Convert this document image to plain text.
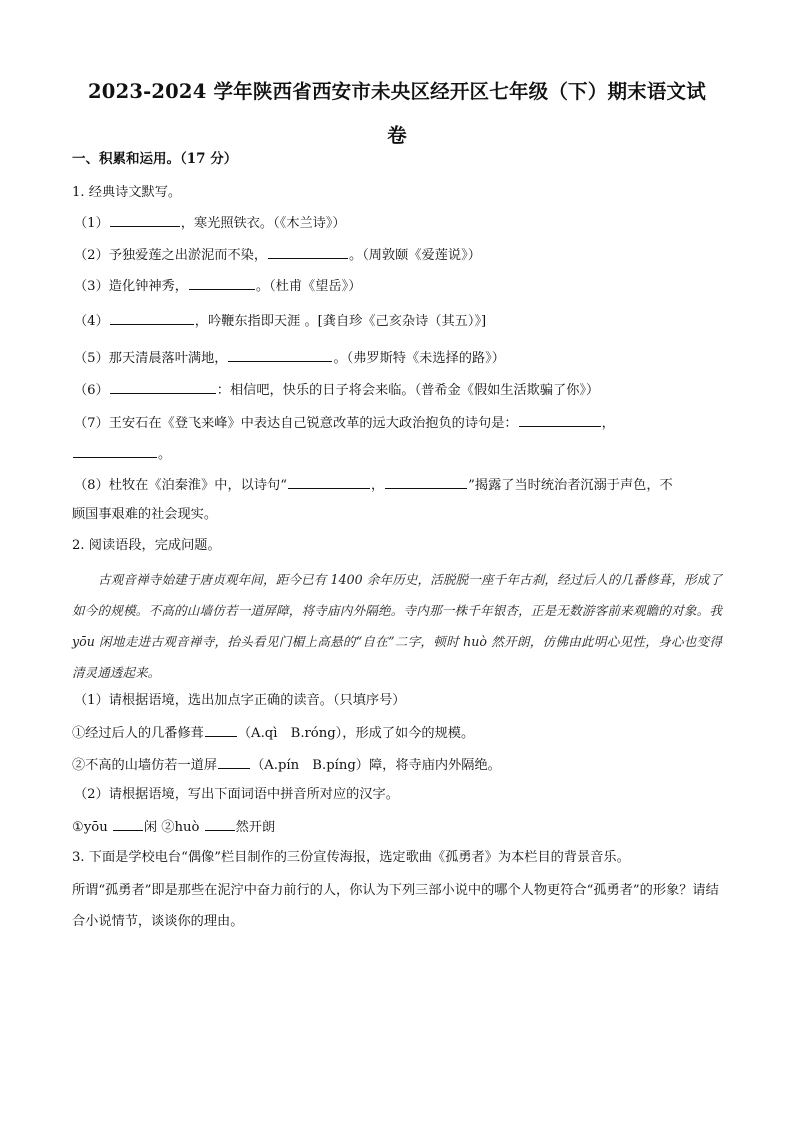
2023-2024 学年陕西省西安市未央区经开区七年级（下）期末语文试
卷
一、积累和运用。（17 分）
1. 经典诗文默写。
（1）	，寒光照铁衣。（《木兰诗》）
（2）予独爱莲之出淤泥而不染，	。（周敦颐《爱莲说》）
（3）造化钟神秀，	。（杜甫《望岳》）
（4）	，吟鞭东指即天涯 。[龚自珍《己亥杂诗（其五）》]
（5）那天清晨落叶满地，	。（弗罗斯特《未选择的路》）
（6）	：相信吧，快乐的日子将会来临。（普希金《假如生活欺骗了你》）
（7）王安石在《登飞来峰》中表达自己锐意改革的远大政治抱负的诗句是：	，
。
（8）杜牧在《泊秦淮》中，以诗句“	，	”揭露了当时统治者沉溺于声色，不
顾国事艰难的社会现实。
2. 阅读语段，完成问题。
古观音禅寺始建于唐贞观年间，距今已有 1400 余年历史，活脱脱一座千年古刹，经过后人的几番修葺，形成了如今的规模。不高的山墙仿若一道屏障，将寺庙内外隔绝。寺内那一株千年银杏，正是无数游客前来观瞻的对象。我 yōu 闲地走进古观音禅寺，抬头看见门楣上高悬的“自在”二字，顿时 huò 然开朗，仿佛由此明心见性，身心也变得清灵通透起来。
（1）请根据语境，选出加点字正确的读音。（只填序号）
①经过后人的几番修葺	（A.qì　B.róng），形成了如今的规模。
②不高的山墙仿若一道屏	（A.pín　B.píng）障，将寺庙内外隔绝。
（2）请根据语境，写出下面词语中拼音所对应的汉字。
①yōu 闲 ②huò 然开朗
3. 下面是学校电台“偶像”栏目制作的三份宣传海报，选定歌曲《孤勇者》为本栏目的背景音乐。
所谓“孤勇者”即是那些在泥泞中奋力前行的人，你认为下列三部小说中的哪个人物更符合“孤勇者”的形象？请结合小说情节，谈谈你的理由。
